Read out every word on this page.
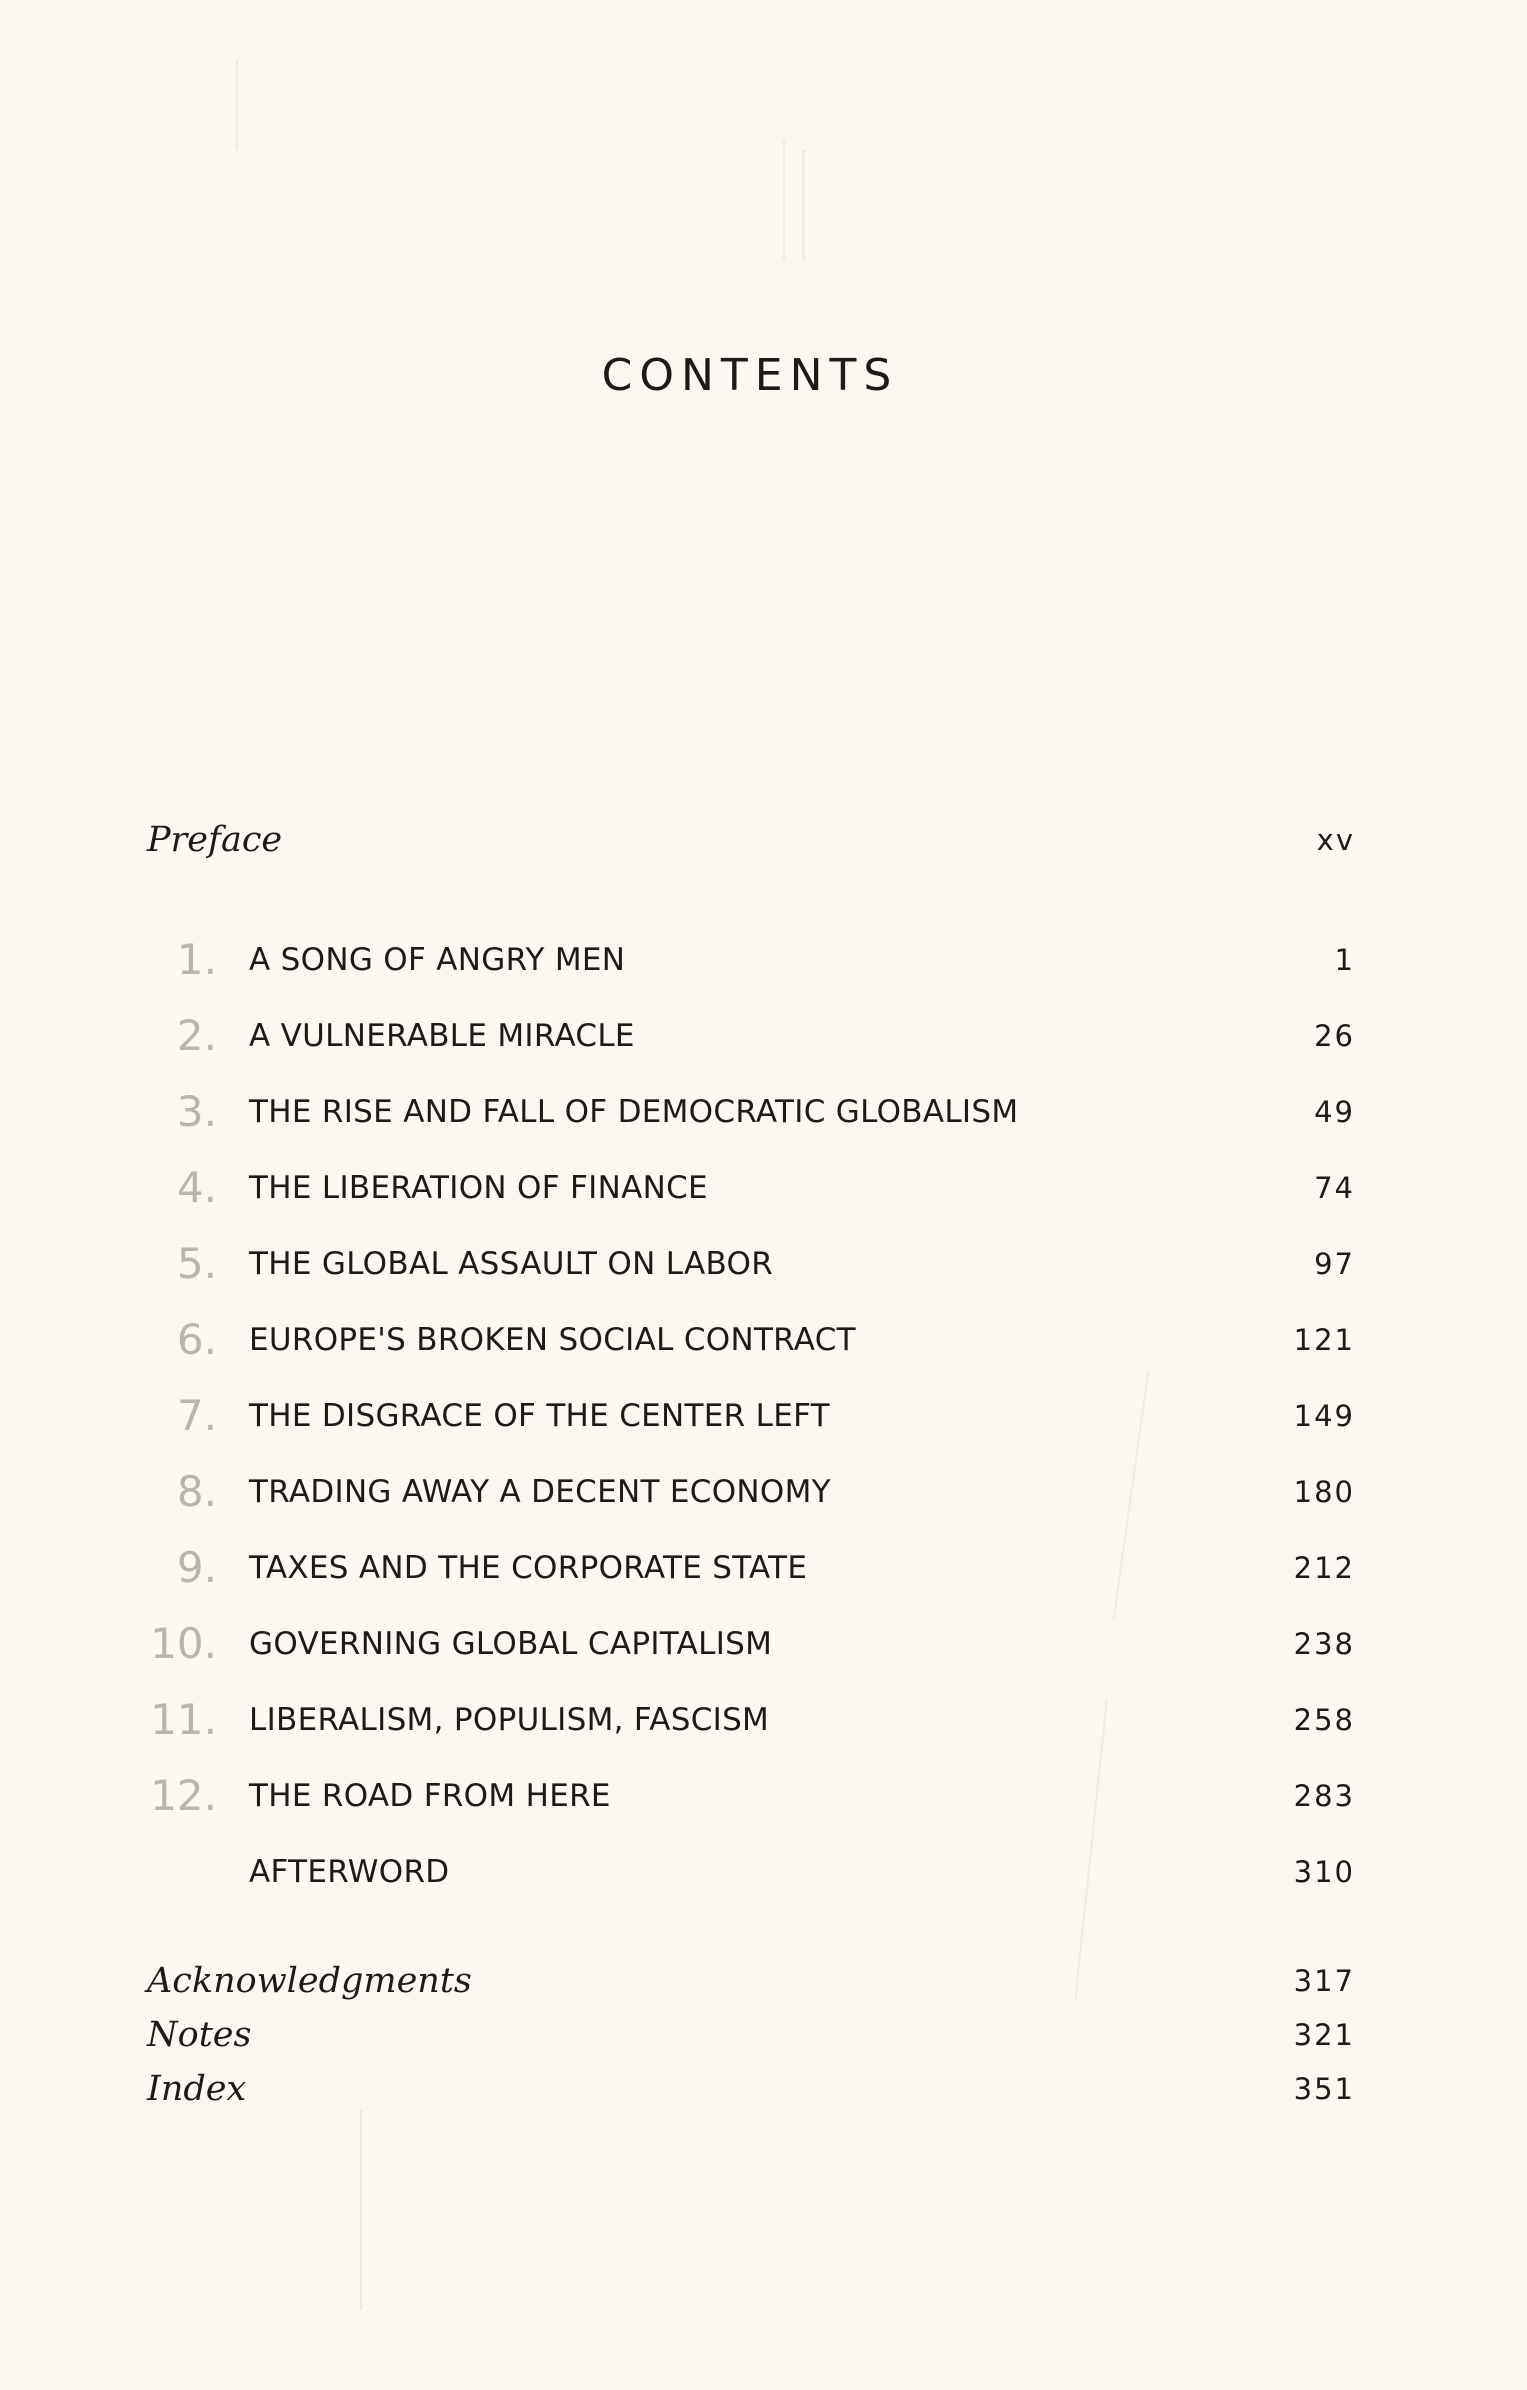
CONTENTS
Preface	xv
1. A SONG OF ANGRY MEN	1
2. A VULNERABLE MIRACLE	26
3. THE RISE AND FALL OF DEMOCRATIC GLOBALISM	49
4. THE LIBERATION OF FINANCE	74
5. THE GLOBAL ASSAULT ON LABOR	97
6. EUROPE'S BROKEN SOCIAL CONTRACT	121
7. THE DISGRACE OF THE CENTER LEFT	149
8. TRADING AWAY A DECENT ECONOMY	180
9. TAXES AND THE CORPORATE STATE	212
10. GOVERNING GLOBAL CAPITALISM	238
11. LIBERALISM, POPULISM, FASCISM	258
12. THE ROAD FROM HERE	283
AFTERWORD	310
Acknowledgments	317
Notes	321
Index	351
